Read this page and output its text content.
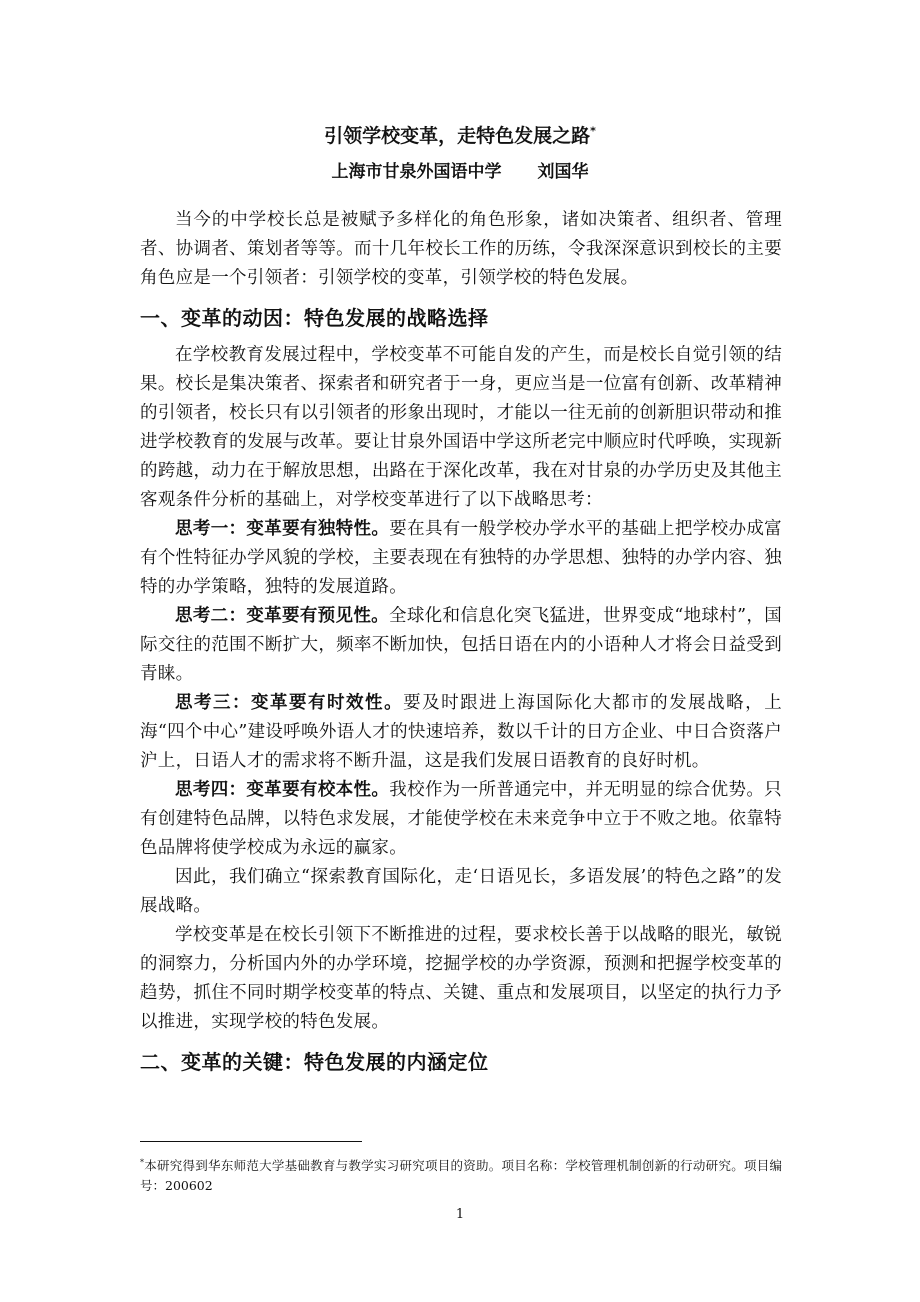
引领学校变革，走特色发展之路*
上海市甘泉外国语中学 刘国华

当今的中学校长总是被赋予多样化的角色形象，诸如决策者、组织者、管理者、协调者、策划者等等。而十几年校长工作的历练，令我深深意识到校长的主要角色应是一个引领者：引领学校的变革，引领学校的特色发展。

一、变革的动因：特色发展的战略选择

在学校教育发展过程中，学校变革不可能自发的产生，而是校长自觉引领的结果。校长是集决策者、探索者和研究者于一身，更应当是一位富有创新、改革精神的引领者，校长只有以引领者的形象出现时，才能以一往无前的创新胆识带动和推进学校教育的发展与改革。要让甘泉外国语中学这所老完中顺应时代呼唤，实现新的跨越，动力在于解放思想，出路在于深化改革，我在对甘泉的办学历史及其他主客观条件分析的基础上，对学校变革进行了以下战略思考：

思考一：变革要有独特性。要在具有一般学校办学水平的基础上把学校办成富有个性特征办学风貌的学校，主要表现在有独特的办学思想、独特的办学内容、独特的办学策略，独特的发展道路。

思考二：变革要有预见性。全球化和信息化突飞猛进，世界变成“地球村”，国际交往的范围不断扩大，频率不断加快，包括日语在内的小语种人才将会日益受到青睐。

思考三：变革要有时效性。要及时跟进上海国际化大都市的发展战略，上海“四个中心”建设呼唤外语人才的快速培养，数以千计的日方企业、中日合资落户沪上，日语人才的需求将不断升温，这是我们发展日语教育的良好时机。

思考四：变革要有校本性。我校作为一所普通完中，并无明显的综合优势。只有创建特色品牌，以特色求发展，才能使学校在未来竞争中立于不败之地。依靠特色品牌将使学校成为永远的赢家。

因此，我们确立“探索教育国际化，走‘日语见长，多语发展’的特色之路”的发展战略。

学校变革是在校长引领下不断推进的过程，要求校长善于以战略的眼光，敏锐的洞察力，分析国内外的办学环境，挖掘学校的办学资源，预测和把握学校变革的趋势，抓住不同时期学校变革的特点、关键、重点和发展项目，以坚定的执行力予以推进，实现学校的特色发展。

二、变革的关键：特色发展的内涵定位
*本研究得到华东师范大学基础教育与教学实习研究项目的资助。项目名称：学校管理机制创新的行动研究。项目编号：200602
1
